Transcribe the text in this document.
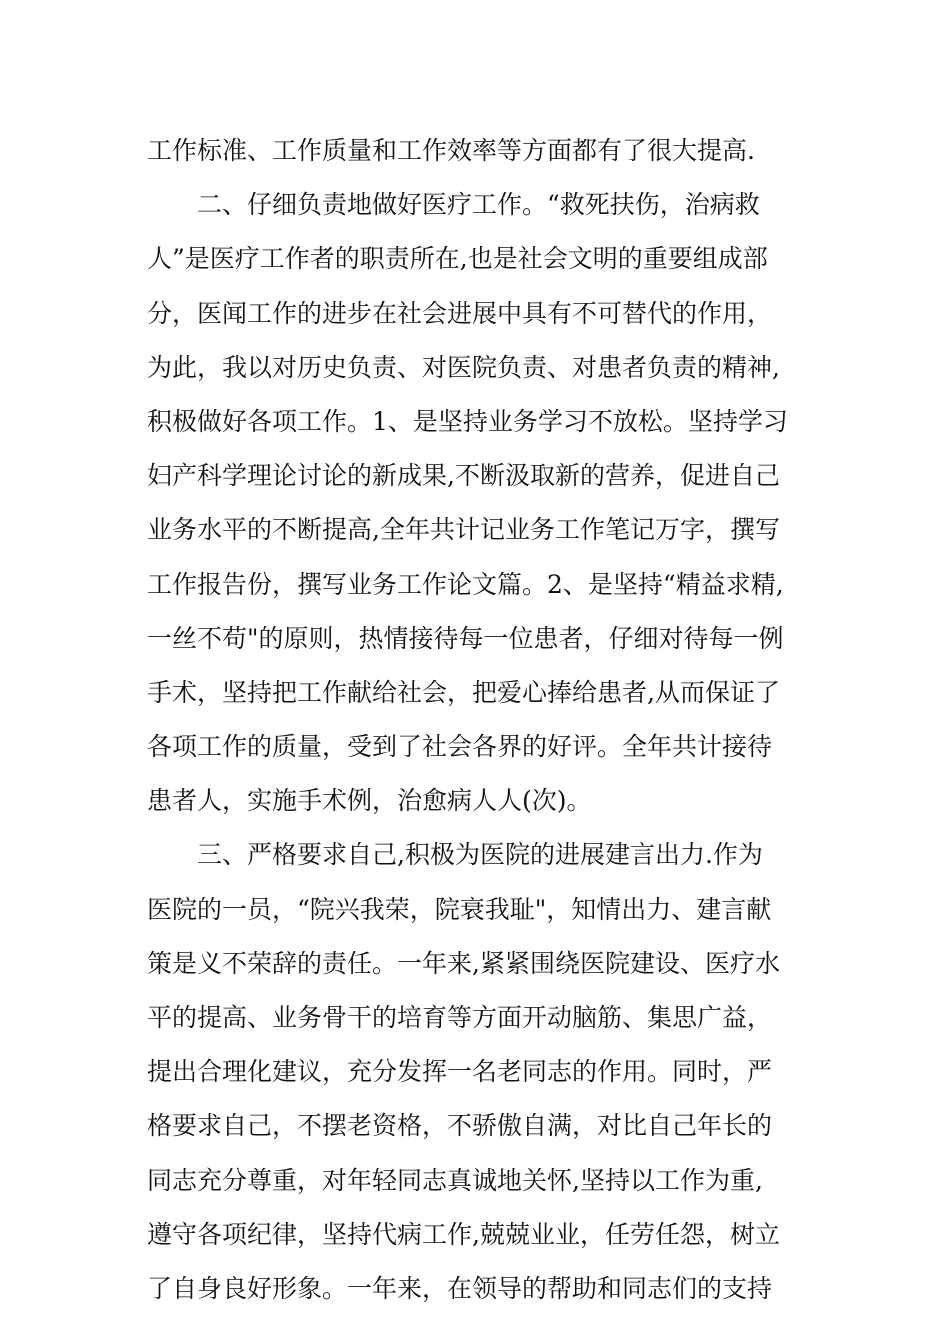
工作标准、工作质量和工作效率等方面都有了很大提高.
二、仔细负责地做好医疗工作。“救死扶伤，治病救
人”是医疗工作者的职责所在,也是社会文明的重要组成部
分，医闻工作的进步在社会进展中具有不可替代的作用，
为此，我以对历史负责、对医院负责、对患者负责的精神,
积极做好各项工作。1、是坚持业务学习不放松。坚持学习
妇产科学理论讨论的新成果,不断汲取新的营养，促进自己
业务水平的不断提高,全年共计记业务工作笔记万字，撰写
工作报告份，撰写业务工作论文篇。2、是坚持“精益求精,
一丝不苟"的原则，热情接待每一位患者，仔细对待每一例
手术，坚持把工作献给社会，把爱心捧给患者,从而保证了
各项工作的质量，受到了社会各界的好评。全年共计接待
患者人，实施手术例，治愈病人人(次)。
三、严格要求自己,积极为医院的进展建言出力.作为
医院的一员，“院兴我荣，院衰我耻"，知情出力、建言献
策是义不荣辞的责任。一年来,紧紧围绕医院建设、医疗水
平的提高、业务骨干的培育等方面开动脑筋、集思广益，
提出合理化建议，充分发挥一名老同志的作用。同时，严
格要求自己，不摆老资格，不骄傲自满，对比自己年长的
同志充分尊重，对年轻同志真诚地关怀,坚持以工作为重,
遵守各项纪律，坚持代病工作,兢兢业业，任劳任怨，树立
了自身良好形象。一年来，在领导的帮助和同志们的支持
